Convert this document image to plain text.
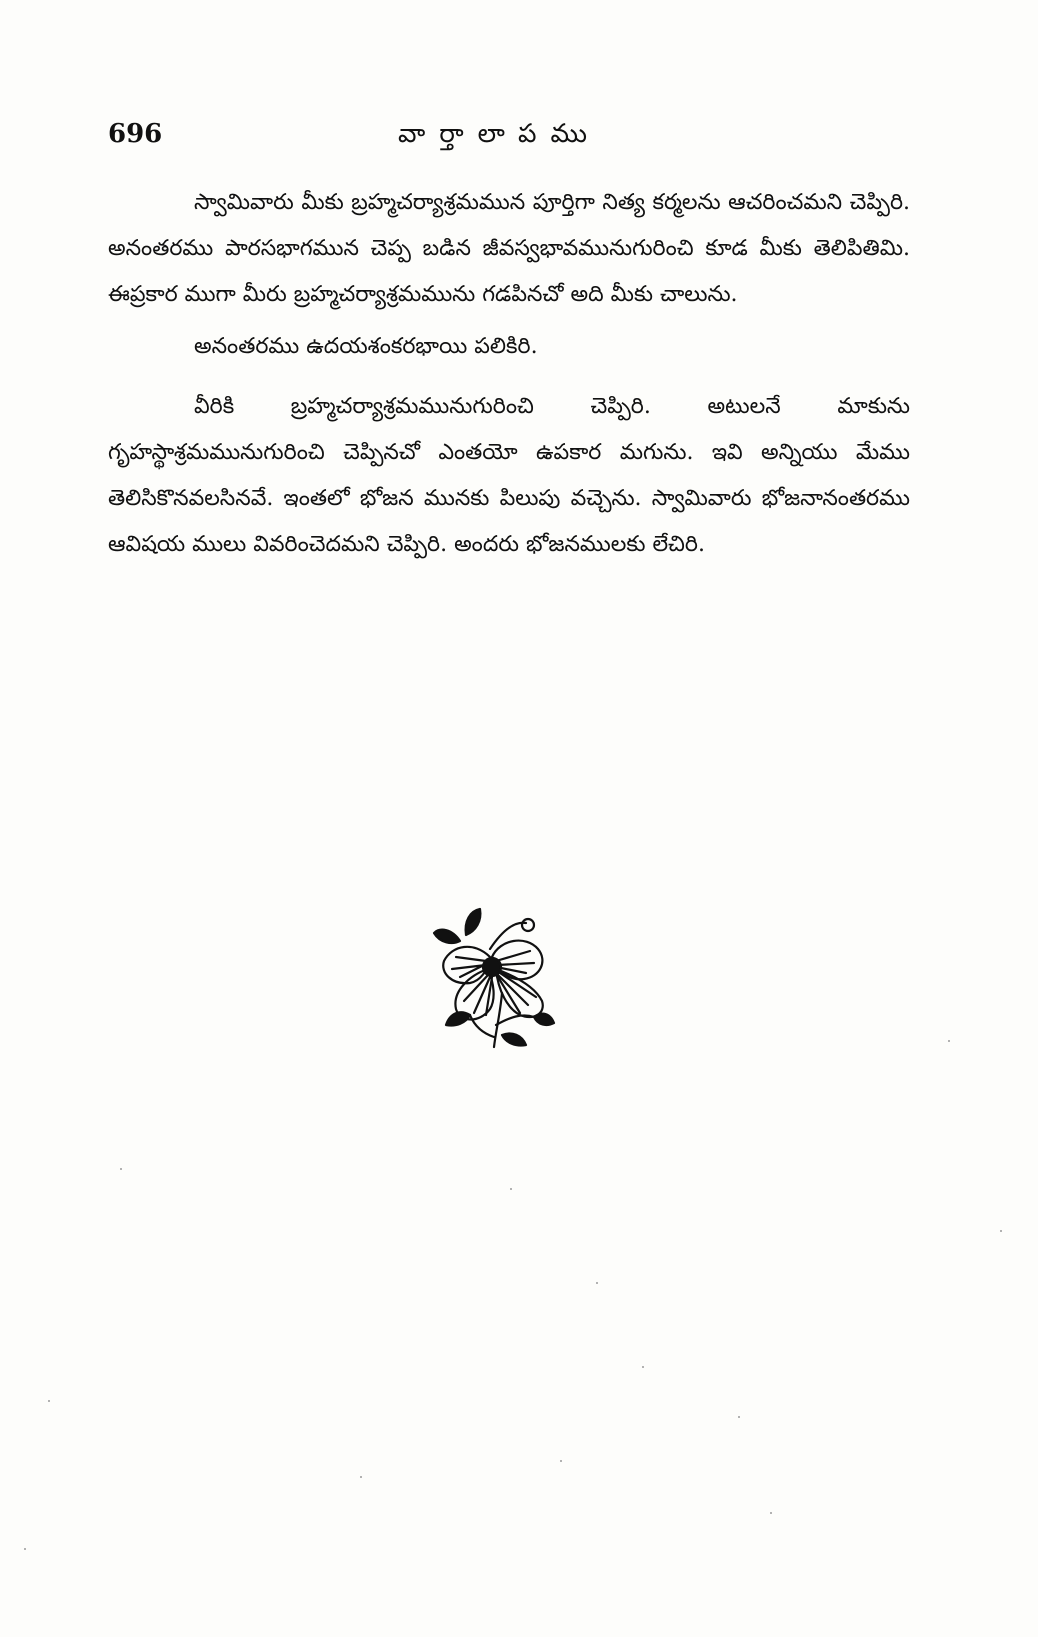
696	వార్తాలాపము

స్వామివారు మీకు బ్రహ్మచర్యాశ్రమమున పూర్తిగా నిత్య కర్మలను ఆచరించమని చెప్పిరి. అనంతరము పారసభాగమున చెప్ప బడిన జీవస్వభావమునుగురించి కూడ మీకు తెలిపితిమి. ఈప్రకార ముగా మీరు బ్రహ్మచర్యాశ్రమమును గడపినచో అది మీకు చాలును.

అనంతరము ఉదయశంకరభాయి పలికిరి.

వీరికి బ్రహ్మచర్యాశ్రమమునుగురించి చెప్పిరి. అటులనే మాకును గృహస్థాశ్రమమునుగురించి చెప్పినచో ఎంతయో ఉపకార మగును. ఇవి అన్నియు మేము తెలిసికొనవలసినవే. ఇంతలో భోజన మునకు పిలుపు వచ్చెను. స్వామివారు భోజనానంతరము ఆవిషయ ములు వివరించెదమని చెప్పిరి. అందరు భోజనములకు లేచిరి.
